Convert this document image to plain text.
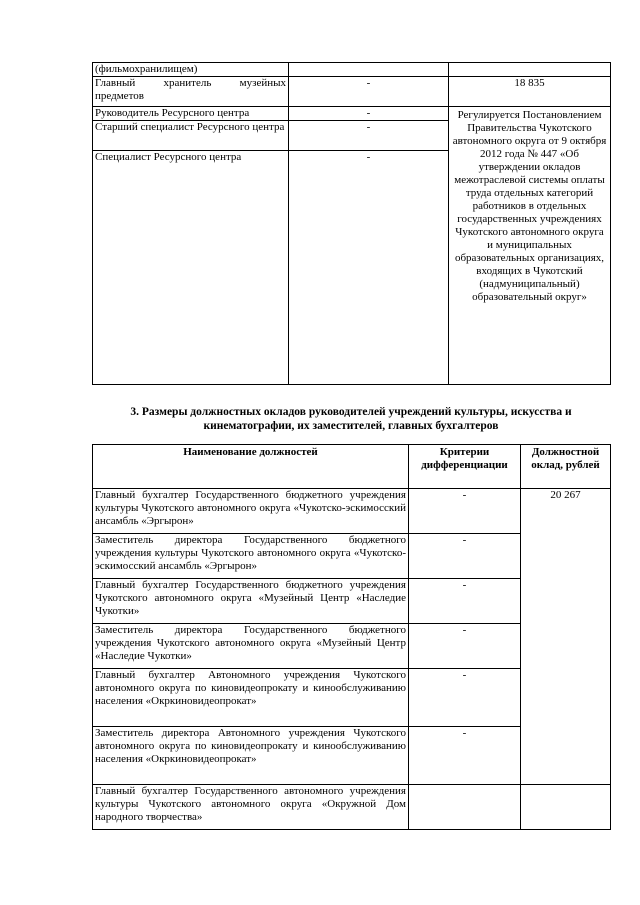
(фильмохранилищем)		
Главный хранитель музейных предметов	-	18 835
Руководитель Ресурсного центра	-	Регулируется Постановлением Правительства Чукотского автономного округа от 9 октября 2012 года № 447 «Об утверждении окладов межотраслевой системы оплаты труда отдельных категорий работников в отдельных государственных учреждениях Чукотского автономного округа и муниципальных образовательных организациях, входящих в Чукотский (надмуниципальный) образовательный округ»
Старший специалист Ресурсного центра	-	
Специалист Ресурсного центра	-	
3. Размеры должностных окладов руководителей учреждений культуры, искусства и кинематографии, их заместителей, главных бухгалтеров
Наименование должностей	Критерии дифференциации	Должностной оклад, рублей
Главный бухгалтер Государственного бюджетного учреждения культуры Чукотского автономного округа «Чукотско-эскимосский ансамбль «Эргырон»	-	20 267
Заместитель директора Государственного бюджетного учреждения культуры Чукотского автономного округа «Чукотско-эскимосский ансамбль «Эргырон»	-	
Главный бухгалтер Государственного бюджетного учреждения Чукотского автономного округа «Музейный Центр «Наследие Чукотки»	-	
Заместитель директора Государственного бюджетного учреждения Чукотского автономного округа «Музейный Центр «Наследие Чукотки»	-	
Главный бухгалтер Автономного учреждения Чукотского автономного округа по киновидеопрокату и кинообслуживанию населения «Окркиновидеопрокат»	-	
Заместитель директора Автономного учреждения Чукотского автономного округа по киновидеопрокату и кинообслуживанию населения «Окркиновидеопрокат»	-	
Главный бухгалтер Государственного автономного учреждения культуры Чукотского автономного округа «Окружной Дом народного творчества»		
